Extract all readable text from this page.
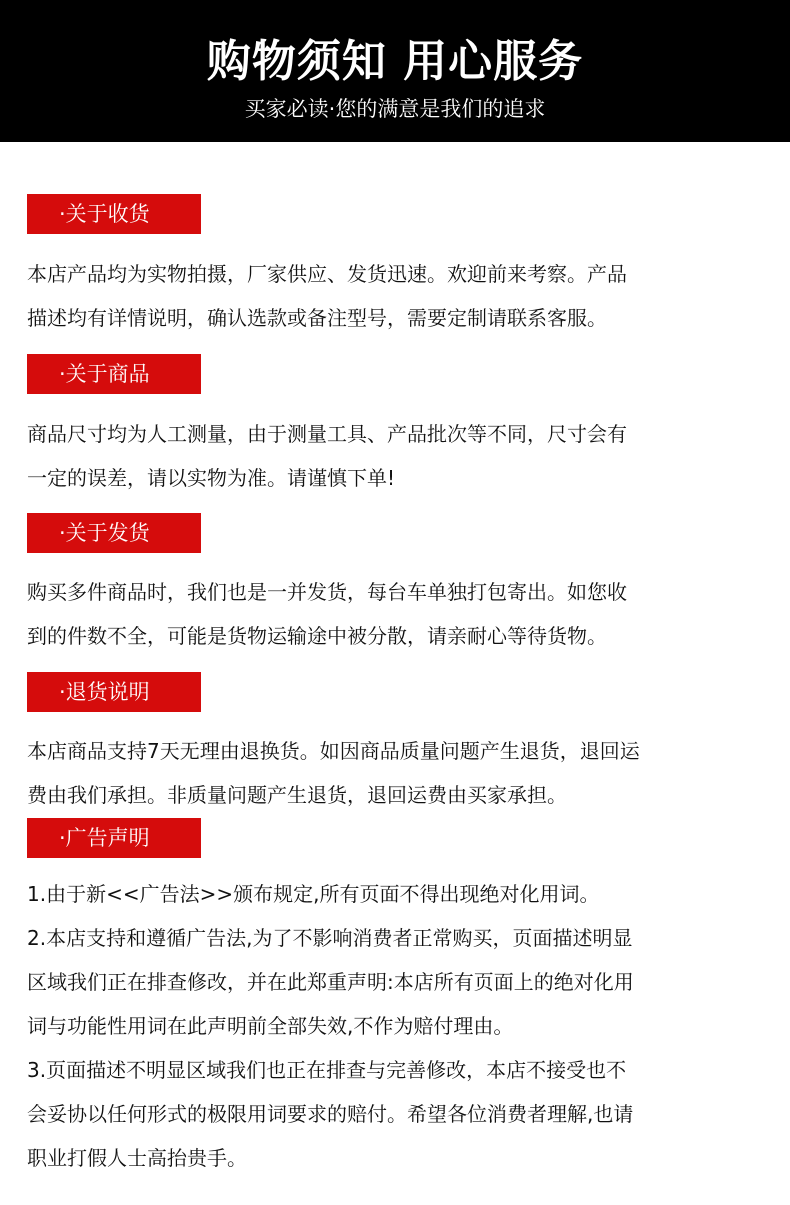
购物须知 用心服务
买家必读·您的满意是我们的追求
·关于收货
本店产品均为实物拍摄，厂家供应、发货迅速。欢迎前来考察。产品
描述均有详情说明，确认选款或备注型号，需要定制请联系客服。
·关于商品
商品尺寸均为人工测量，由于测量工具、产品批次等不同，尺寸会有
一定的误差，请以实物为准。请谨慎下单!
·关于发货
购买多件商品时，我们也是一并发货，每台车单独打包寄出。如您收
到的件数不全，可能是货物运输途中被分散，请亲耐心等待货物。
·退货说明
本店商品支持7天无理由退换货。如因商品质量问题产生退货，退回运
费由我们承担。非质量问题产生退货，退回运费由买家承担。
·广告声明
1.由于新<<广告法>>颁布规定,所有页面不得出现绝对化用词。
2.本店支持和遵循广告法,为了不影响消费者正常购买，页面描述明显
区域我们正在排查修改，并在此郑重声明:本店所有页面上的绝对化用
词与功能性用词在此声明前全部失效,不作为赔付理由。
3.页面描述不明显区域我们也正在排查与完善修改，本店不接受也不
会妥协以任何形式的极限用词要求的赔付。希望各位消费者理解,也请
职业打假人士高抬贵手。
